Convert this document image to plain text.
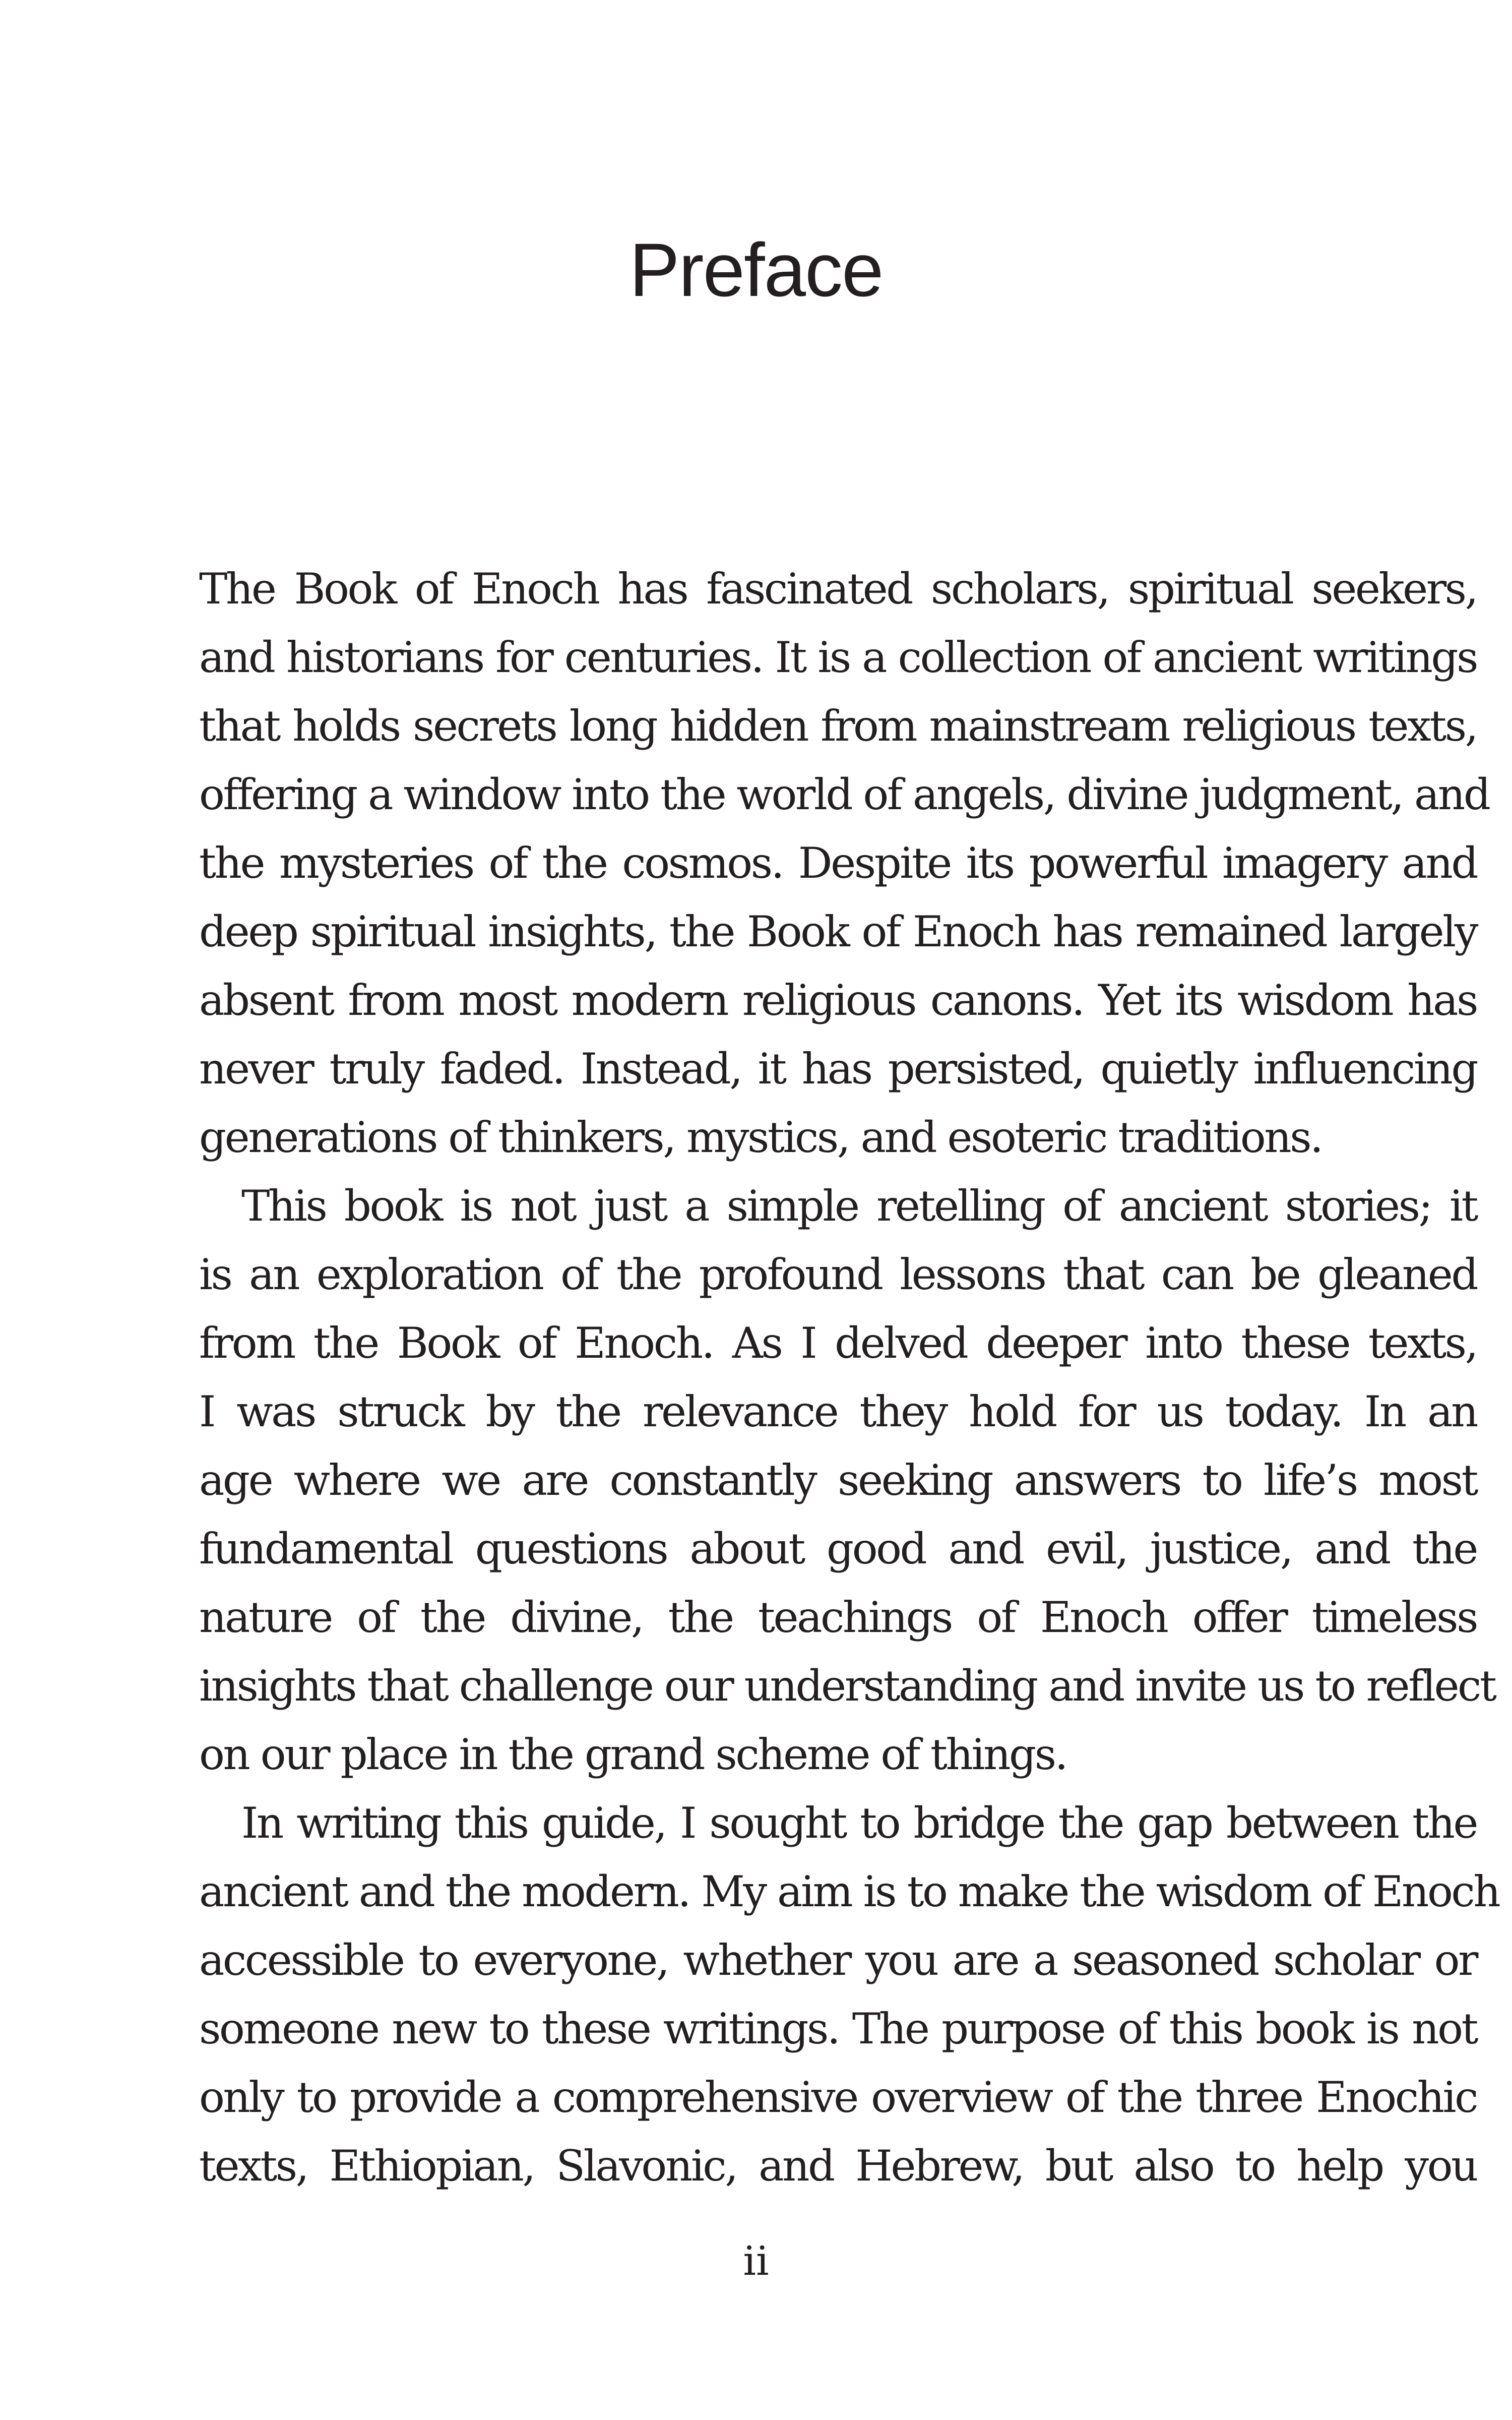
Preface
The Book of Enoch has fascinated scholars, spiritual seekers,
and historians for centuries. It is a collection of ancient writings
that holds secrets long hidden from mainstream religious texts,
offering a window into the world of angels, divine judgment, and
the mysteries of the cosmos. Despite its powerful imagery and
deep spiritual insights, the Book of Enoch has remained largely
absent from most modern religious canons. Yet its wisdom has
never truly faded. Instead, it has persisted, quietly influencing
generations of thinkers, mystics, and esoteric traditions.
This book is not just a simple retelling of ancient stories; it
is an exploration of the profound lessons that can be gleaned
from the Book of Enoch. As I delved deeper into these texts,
I was struck by the relevance they hold for us today. In an
age where we are constantly seeking answers to life’s most
fundamental questions about good and evil, justice, and the
nature of the divine, the teachings of Enoch offer timeless
insights that challenge our understanding and invite us to reflect
on our place in the grand scheme of things.
In writing this guide, I sought to bridge the gap between the
ancient and the modern. My aim is to make the wisdom of Enoch
accessible to everyone, whether you are a seasoned scholar or
someone new to these writings. The purpose of this book is not
only to provide a comprehensive overview of the three Enochic
texts, Ethiopian, Slavonic, and Hebrew, but also to help you
ii
